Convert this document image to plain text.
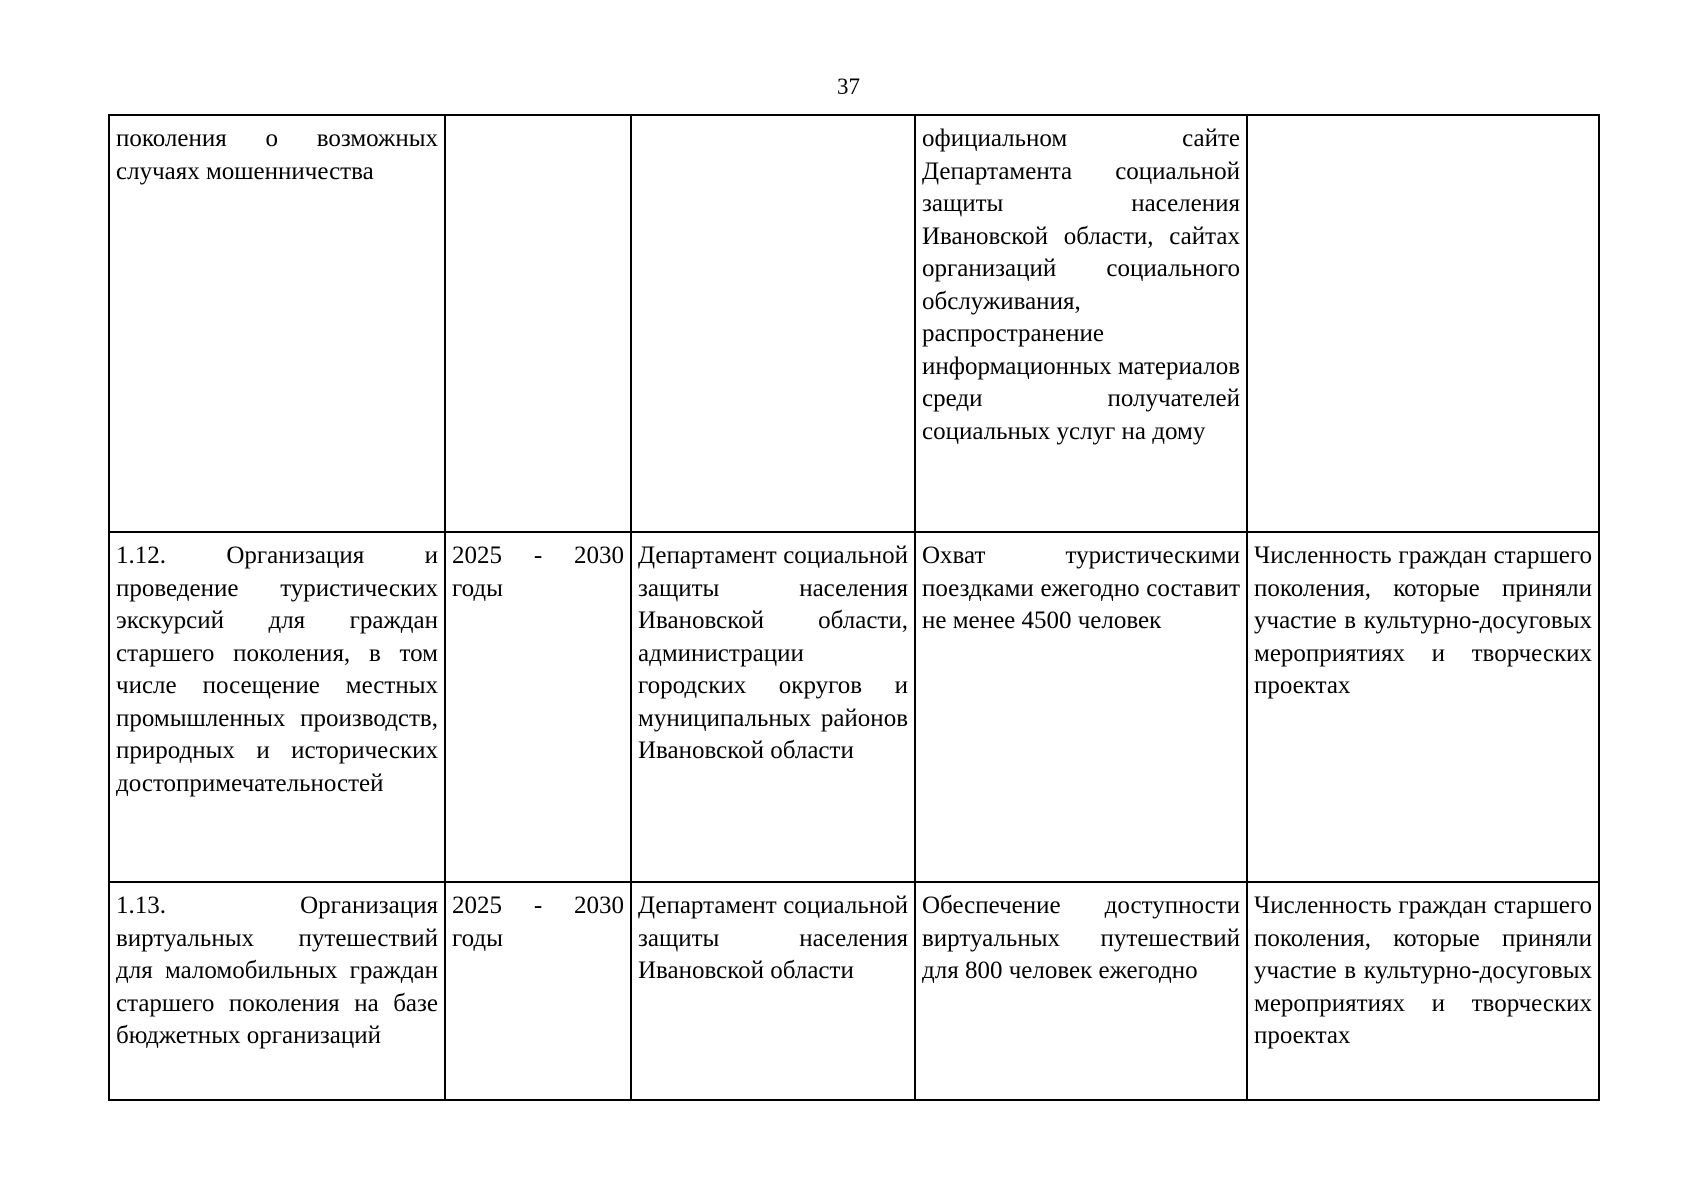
37
поколения о возможных случаях мошенничества			официальном сайте Департамента социальной защиты населения Ивановской области, сайтах организаций социального обслуживания, распространение информационных материалов среди получателей социальных услуг на дому	
1.12. Организация и проведение туристических экскурсий для граждан старшего поколения, в том числе посещение местных промышленных производств, природных и исторических достопримечательностей	2025 - 2030 годы	Департамент социальной защиты населения Ивановской области, администрации городских округов и муниципальных районов Ивановской области	Охват туристическими поездками ежегодно составит не менее 4500 человек	Численность граждан старшего поколения, которые приняли участие в культурно-досуговых мероприятиях и творческих проектах
1.13. Организация виртуальных путешествий для маломобильных граждан старшего поколения на базе бюджетных организаций	2025 - 2030 годы	Департамент социальной защиты населения Ивановской области	Обеспечение доступности виртуальных путешествий для 800 человек ежегодно	Численность граждан старшего поколения, которые приняли участие в культурно-досуговых мероприятиях и творческих проектах
